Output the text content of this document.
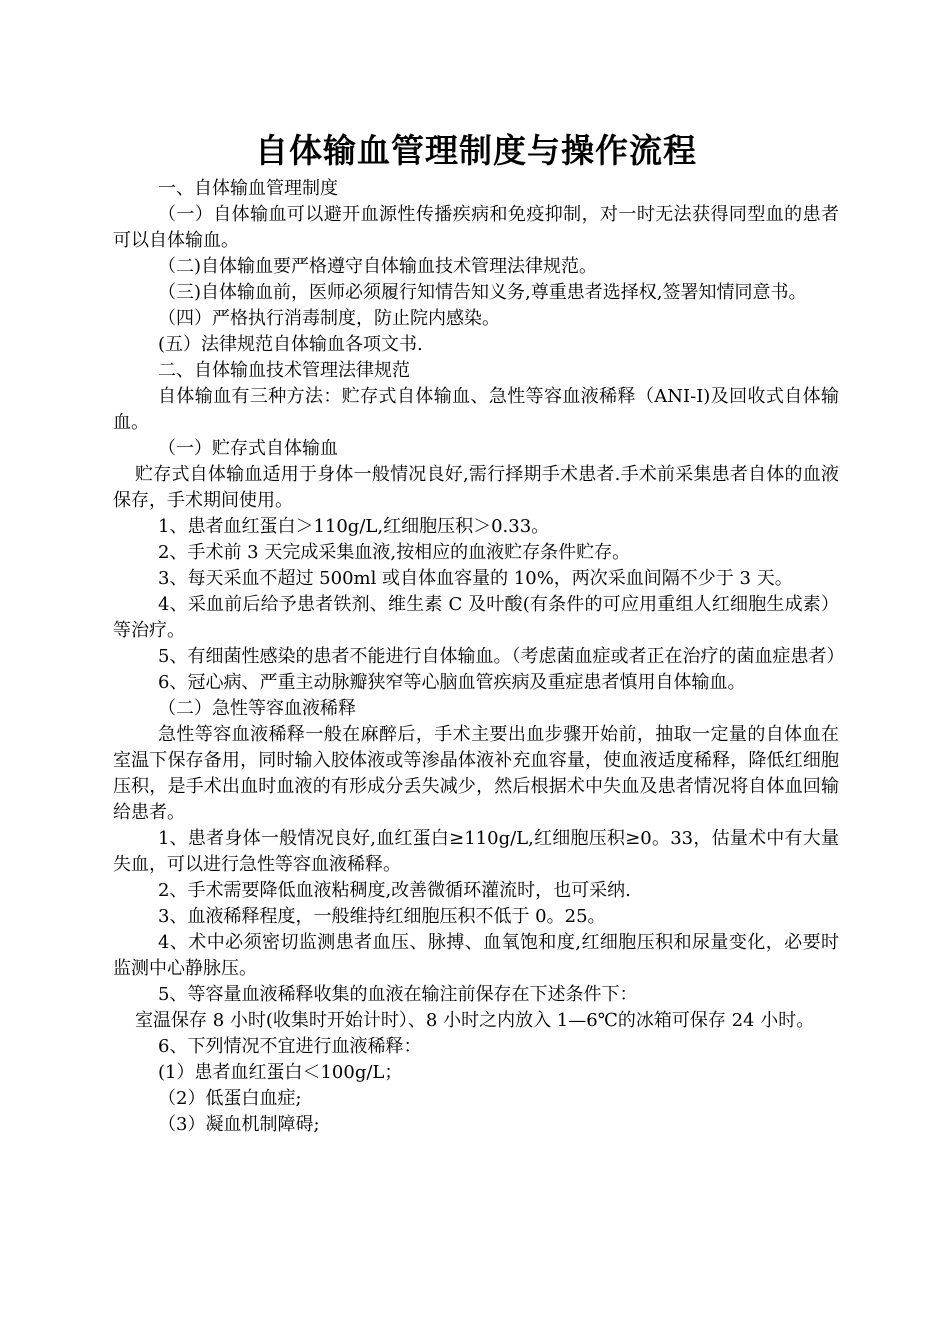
自体输血管理制度与操作流程

一、自体输血管理制度

（一）自体输血可以避开血源性传播疾病和免疫抑制，对一时无法获得同型血的患者可以自体输血。

（二)自体输血要严格遵守自体输血技术管理法律规范。

（三)自体输血前，医师必须履行知情告知义务,尊重患者选择权,签署知情同意书。

（四）严格执行消毒制度，防止院内感染。

(五）法律规范自体输血各项文书.

二、自体输血技术管理法律规范

自体输血有三种方法：贮存式自体输血、急性等容血液稀释（ANI-I)及回收式自体输血。

（一）贮存式自体输血

贮存式自体输血适用于身体一般情况良好,需行择期手术患者.手术前采集患者自体的血液保存，手术期间使用。

1、患者血红蛋白＞110g/L,红细胞压积＞0.33。

2、手术前 3 天完成采集血液,按相应的血液贮存条件贮存。

3、每天采血不超过 500ml 或自体血容量的 10%，两次采血间隔不少于 3 天。

4、采血前后给予患者铁剂、维生素 C 及叶酸(有条件的可应用重组人红细胞生成素）等治疗。

5、有细菌性感染的患者不能进行自体输血。（考虑菌血症或者正在治疗的菌血症患者）

6、冠心病、严重主动脉瓣狭窄等心脑血管疾病及重症患者慎用自体输血。

（二）急性等容血液稀释

急性等容血液稀释一般在麻醉后，手术主要出血步骤开始前，抽取一定量的自体血在室温下保存备用，同时输入胶体液或等渗晶体液补充血容量，使血液适度稀释，降低红细胞压积，是手术出血时血液的有形成分丢失减少，然后根据术中失血及患者情况将自体血回输给患者。

1、患者身体一般情况良好,血红蛋白≥110g/L,红细胞压积≥0。33，估量术中有大量失血，可以进行急性等容血液稀释。

2、手术需要降低血液粘稠度,改善微循环灌流时，也可采纳.

3、血液稀释程度，一般维持红细胞压积不低于 0。25。

4、术中必须密切监测患者血压、脉搏、血氧饱和度,红细胞压积和尿量变化，必要时监测中心静脉压。

5、等容量血液稀释收集的血液在输注前保存在下述条件下：

室温保存 8 小时(收集时开始计时）、8 小时之内放入 1—6℃的冰箱可保存 24 小时。

6、下列情况不宜进行血液稀释：

(1）患者血红蛋白＜100g/L；

（2）低蛋白血症;

（3）凝血机制障碍;
